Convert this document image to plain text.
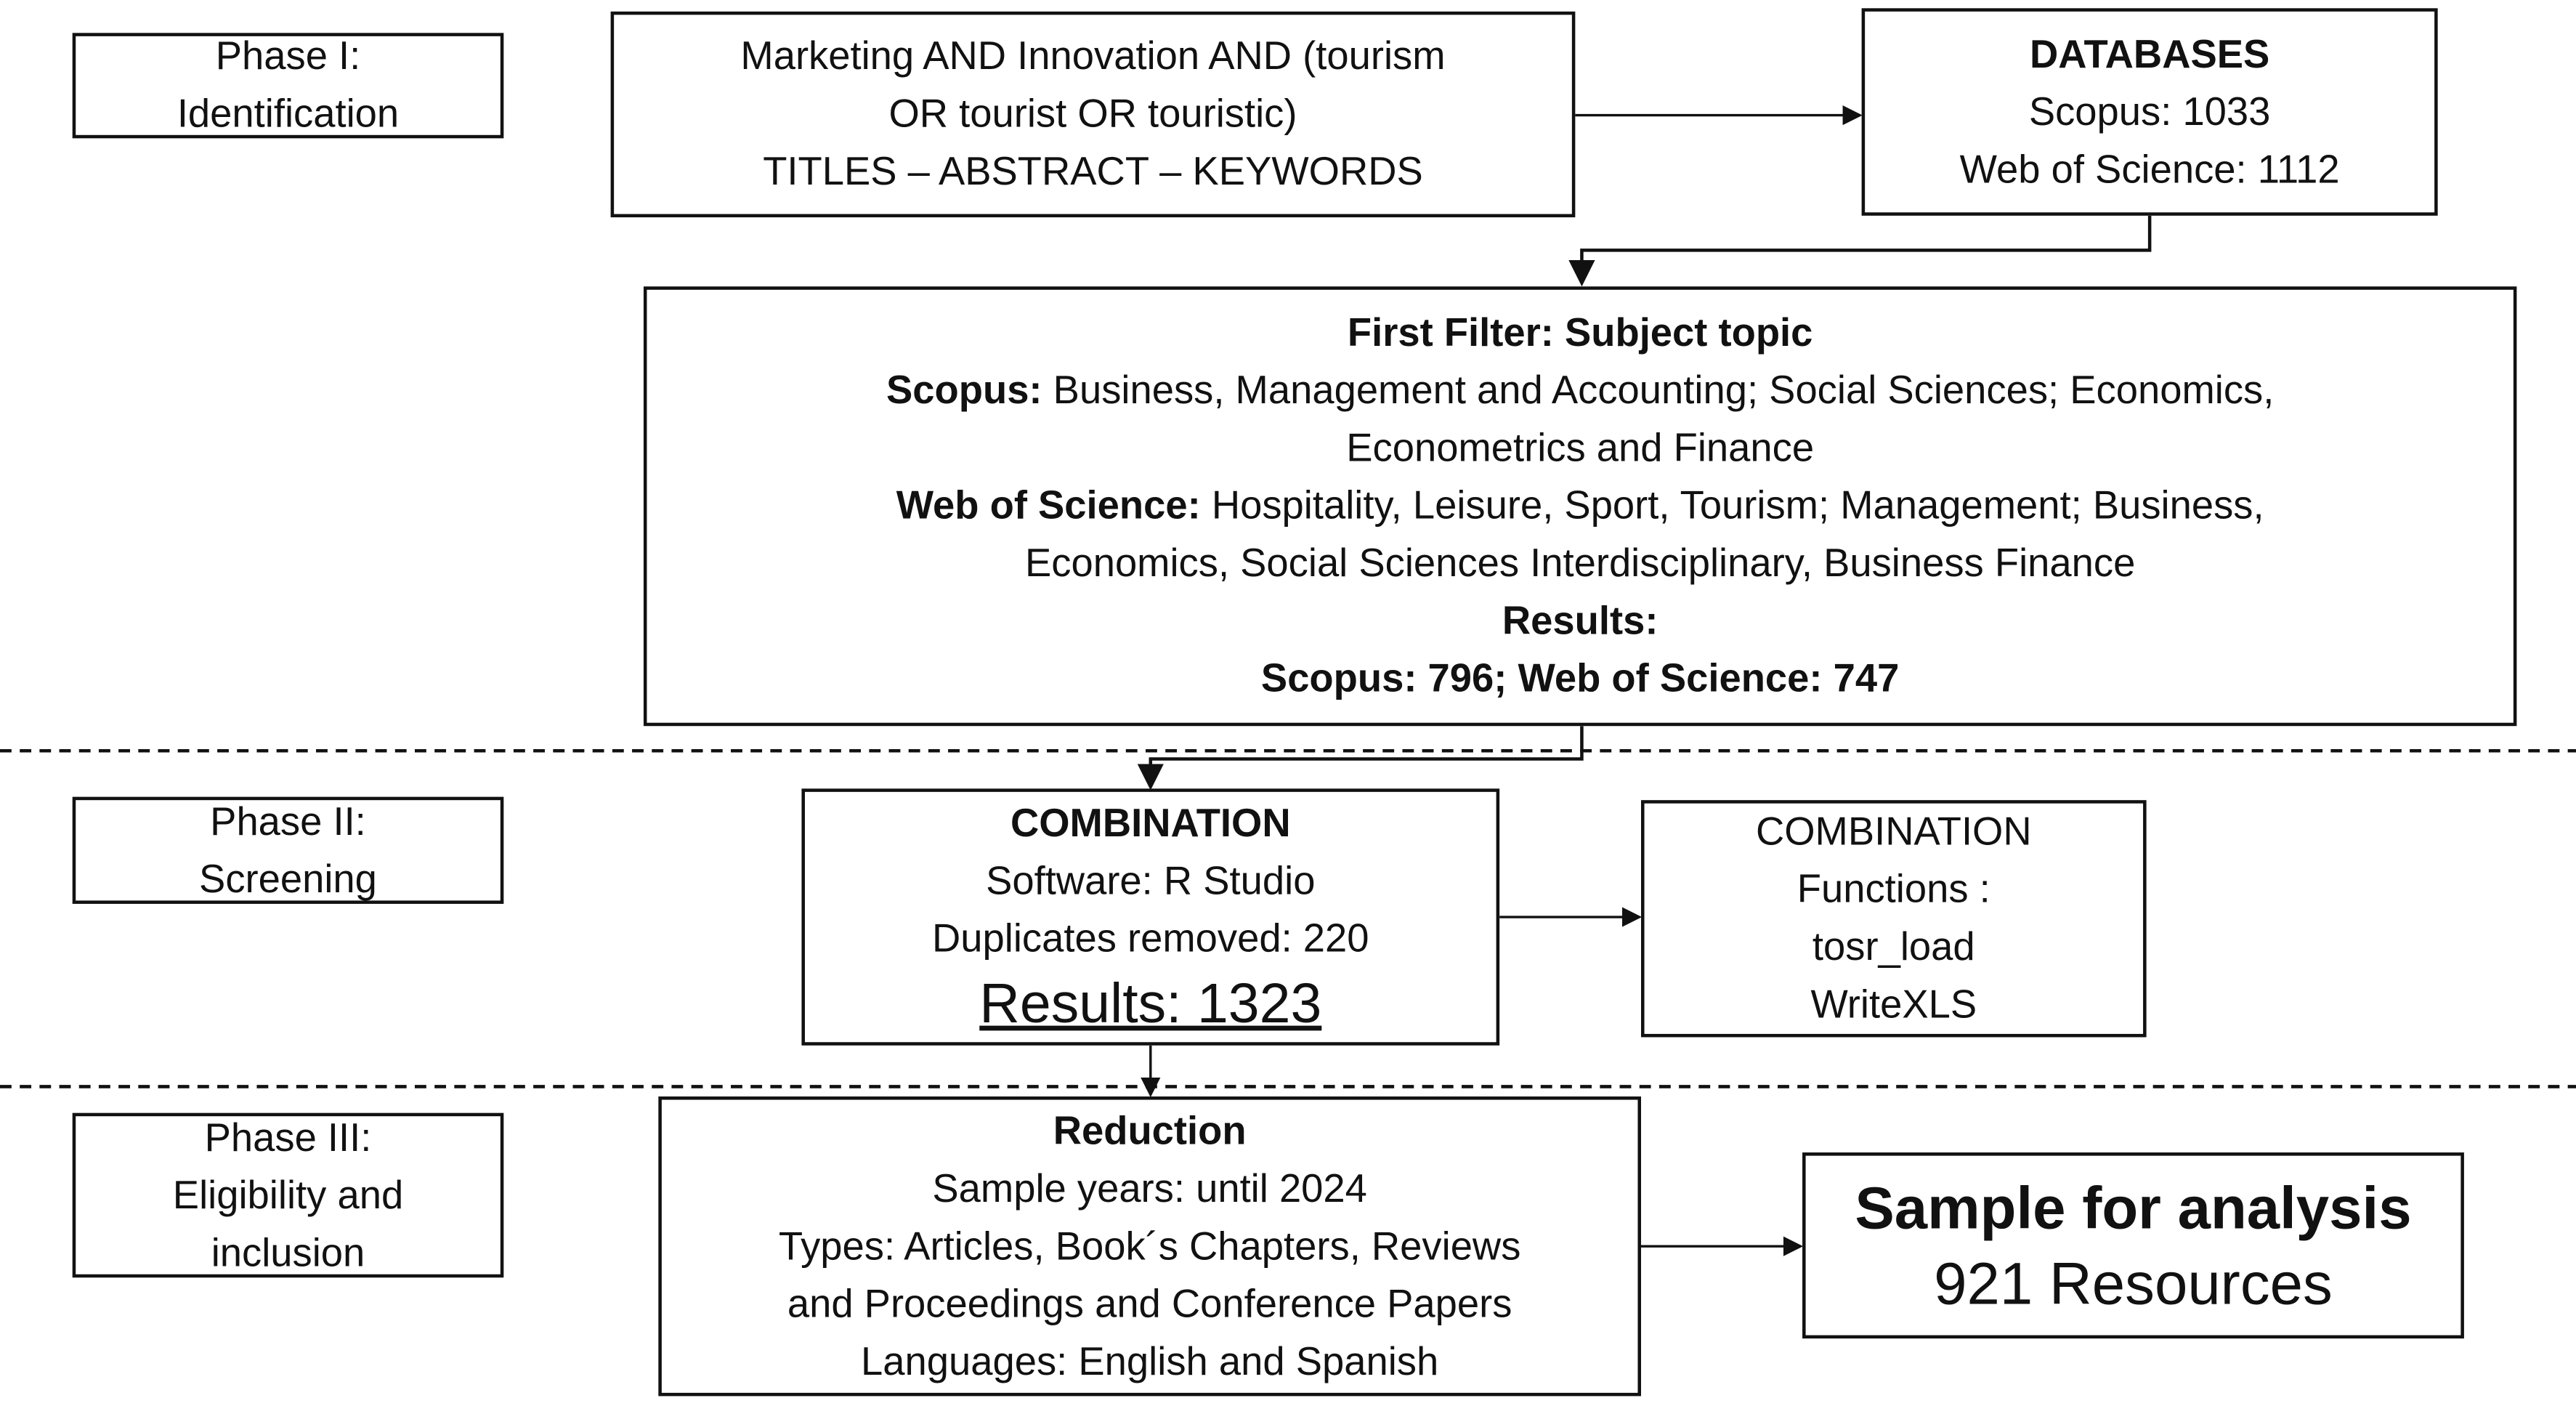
Phase I:
Identification
Marketing AND Innovation AND (tourism
OR tourist OR touristic)
TITLES – ABSTRACT – KEYWORDS
DATABASES
Scopus: 1033
Web of Science: 1112
First Filter: Subject topic
Scopus: Business, Management and Accounting; Social Sciences; Economics,
Econometrics and Finance
Web of Science: Hospitality, Leisure, Sport, Tourism; Management; Business,
Economics, Social Sciences Interdisciplinary, Business Finance
Results:
Scopus: 796; Web of Science: 747
Phase II:
Screening
COMBINATION
Software: R Studio
Duplicates removed: 220
Results: 1323
COMBINATION
Functions :
tosr_load
WriteXLS
Phase III:
Eligibility and
inclusion
Reduction
Sample years: until 2024
Types: Articles, Book´s Chapters, Reviews
and Proceedings and Conference Papers
Languages: English and Spanish
Sample for analysis
921 Resources
